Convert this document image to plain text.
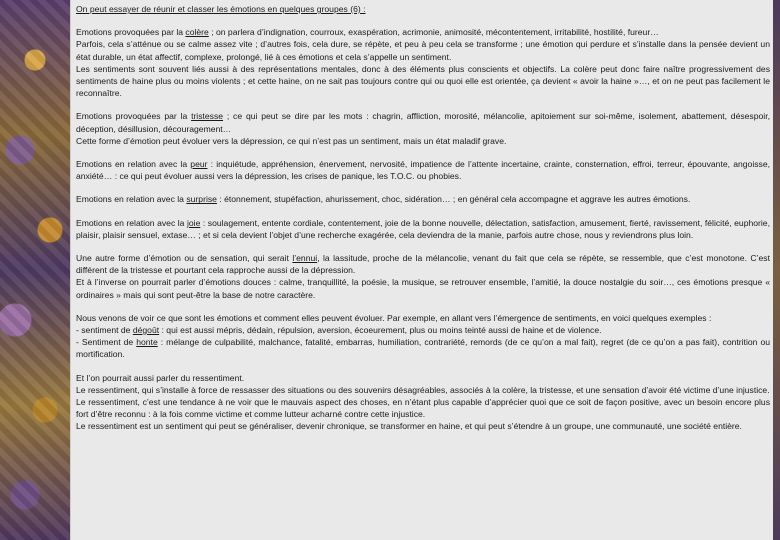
On peut essayer de réunir et classer les émotions en quelques groupes (6) :

Emotions provoquées par la colère ; on parlera d’indignation, courroux, exaspération, acrimonie, animosité, mécontentement, irritabilité, hostilité, fureur…

Parfois, cela s’atténue ou se calme assez vite ; d’autres fois, cela dure, se répète, et peu à peu cela se transforme ; une émotion qui perdure et s’installe dans la pensée devient un état durable, un état affectif, complexe, prolongé, lié à ces émotions et cela s’appelle un sentiment.

Les sentiments sont souvent liés aussi à des représentations mentales, donc à des éléments plus conscients et objectifs. La colère peut donc faire naître progressivement des sentiments de haine plus ou moins violents ; et cette haine, on ne sait pas toujours contre qui ou quoi elle est orientée, ça devient « avoir la haine »…, et on ne peut pas facilement le reconnaître.

Emotions provoquées par la tristesse ; ce qui peut se dire par les mots : chagrin, affliction, morosité, mélancolie, apitoiement sur soi-même, isolement, abattement, désespoir, déception, désillusion, découragement…

Cette forme d’émotion peut évoluer vers la dépression, ce qui n’est pas un sentiment, mais un état maladif grave.

Emotions en relation avec la peur : inquiétude, appréhension, énervement, nervosité, impatience de l’attente incertaine, crainte, consternation, effroi, terreur, épouvante, angoisse, anxiété… : ce qui peut évoluer aussi vers la dépression, les crises de panique, les T.O.C. ou phobies.

Emotions en relation avec la surprise : étonnement, stupéfaction, ahurissement, choc, sidération… ; en général cela accompagne et aggrave les autres émotions.

Emotions en relation avec la joie : soulagement, entente cordiale, contentement, joie de la bonne nouvelle, délectation, satisfaction, amusement, fierté, ravissement, félicité, euphorie, plaisir, plaisir sensuel, extase… ; et si cela devient l’objet d’une recherche exagérée, cela deviendra de la manie, parfois autre chose, nous y reviendrons plus loin.

Une autre forme d’émotion ou de sensation, qui serait l’ennui, la lassitude, proche de la mélancolie, venant du fait que cela se répète, se ressemble, que c’est monotone. C’est différent de la tristesse et pourtant cela rapproche aussi de la dépression.

Et à l’inverse on pourrait parler d’émotions douces : calme, tranquillité, la poésie, la musique, se retrouver ensemble, l’amitié, la douce nostalgie du soir…, ces émotions presque « ordinaires » mais qui sont peut-être la base de notre caractère.

Nous venons de voir ce que sont les émotions et comment elles peuvent évoluer. Par exemple, en allant vers l’émergence de sentiments, en voici quelques exemples :

- sentiment de dégoût : qui est aussi mépris, dédain, répulsion, aversion, écoeurement, plus ou moins teinté aussi de haine et de violence.

- Sentiment de honte : mélange de culpabilité, malchance, fatalité, embarras, humiliation, contrariété, remords (de ce qu’on a mal fait), regret (de ce qu’on a pas fait), contrition ou mortification.

Et l’on pourrait aussi parler du ressentiment.

Le ressentiment, qui s’installe à force de ressasser des situations ou des souvenirs désagréables, associés à la colère, la tristesse, et une sensation d’avoir été victime d’une injustice.

Le ressentiment, c’est une tendance à ne voir que le mauvais aspect des choses, en n’étant plus capable d’apprécier quoi que ce soit de façon positive, avec un besoin encore plus fort d’être reconnu : à la fois comme victime et comme lutteur acharné contre cette injustice.

Le ressentiment est un sentiment qui peut se généraliser, devenir chronique, se transformer en haine, et qui peut s’étendre à un groupe, une communauté, une société entière.
